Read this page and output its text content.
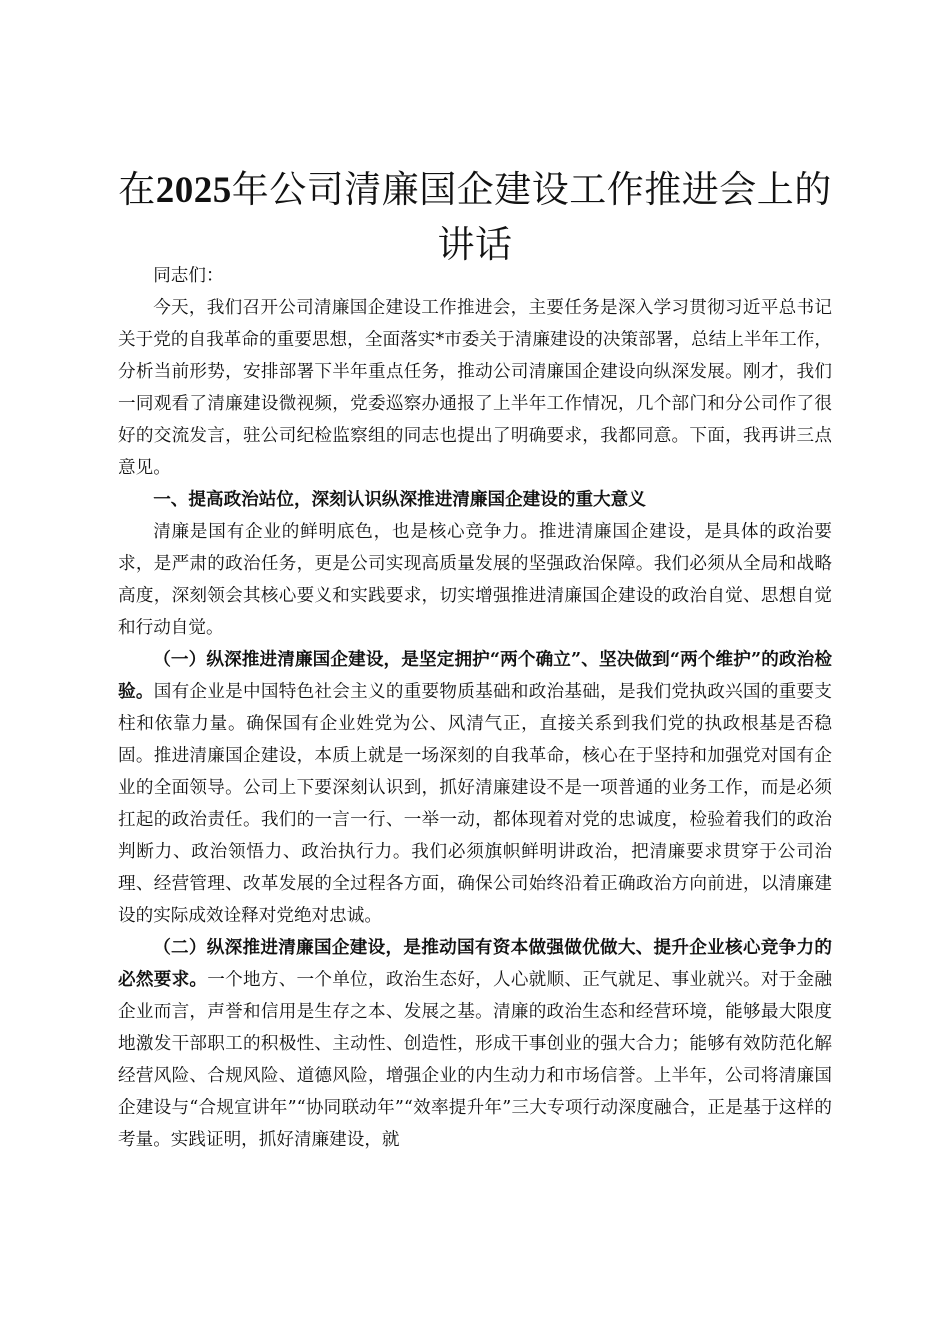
在2025年公司清廉国企建设工作推进会上的讲话

同志们：

今天，我们召开公司清廉国企建设工作推进会，主要任务是深入学习贯彻习近平总书记关于党的自我革命的重要思想，全面落实*市委关于清廉建设的决策部署，总结上半年工作，分析当前形势，安排部署下半年重点任务，推动公司清廉国企建设向纵深发展。刚才，我们一同观看了清廉建设微视频，党委巡察办通报了上半年工作情况，几个部门和分公司作了很好的交流发言，驻公司纪检监察组的同志也提出了明确要求，我都同意。下面，我再讲三点意见。

一、提高政治站位，深刻认识纵深推进清廉国企建设的重大意义

清廉是国有企业的鲜明底色，也是核心竞争力。推进清廉国企建设，是具体的政治要求，是严肃的政治任务，更是公司实现高质量发展的坚强政治保障。我们必须从全局和战略高度，深刻领会其核心要义和实践要求，切实增强推进清廉国企建设的政治自觉、思想自觉和行动自觉。

（一）纵深推进清廉国企建设，是坚定拥护“两个确立”、坚决做到“两个维护”的政治检验。国有企业是中国特色社会主义的重要物质基础和政治基础，是我们党执政兴国的重要支柱和依靠力量。确保国有企业姓党为公、风清气正，直接关系到我们党的执政根基是否稳固。推进清廉国企建设，本质上就是一场深刻的自我革命，核心在于坚持和加强党对国有企业的全面领导。公司上下要深刻认识到，抓好清廉建设不是一项普通的业务工作，而是必须扛起的政治责任。我们的一言一行、一举一动，都体现着对党的忠诚度，检验着我们的政治判断力、政治领悟力、政治执行力。我们必须旗帜鲜明讲政治，把清廉要求贯穿于公司治理、经营管理、改革发展的全过程各方面，确保公司始终沿着正确政治方向前进，以清廉建设的实际成效诠释对党绝对忠诚。

（二）纵深推进清廉国企建设，是推动国有资本做强做优做大、提升企业核心竞争力的必然要求。一个地方、一个单位，政治生态好，人心就顺、正气就足、事业就兴。对于金融企业而言，声誉和信用是生存之本、发展之基。清廉的政治生态和经营环境，能够最大限度地激发干部职工的积极性、主动性、创造性，形成干事创业的强大合力；能够有效防范化解经营风险、合规风险、道德风险，增强企业的内生动力和市场信誉。上半年，公司将清廉国企建设与“合规宣讲年”“协同联动年”“效率提升年”三大专项行动深度融合，正是基于这样的考量。实践证明，抓好清廉建设，就
